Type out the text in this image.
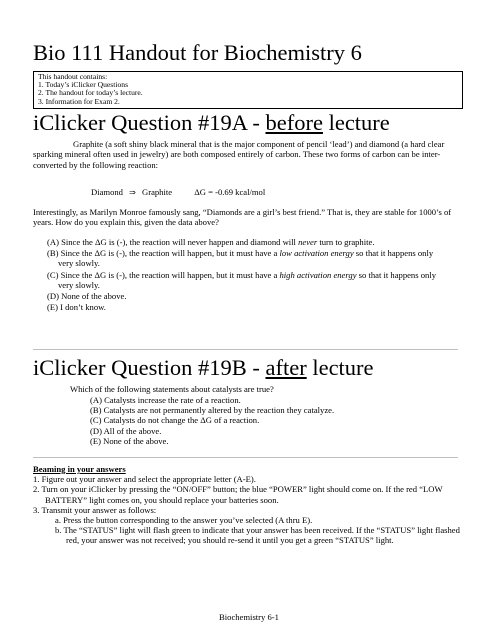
Bio 111 Handout for Biochemistry 6
This handout contains:
1. Today’s iClicker Questions
2. The handout for today’s lecture.
3. Information for Exam 2.
iClicker Question #19A - before lecture
Graphite (a soft shiny black mineral that is the major component of pencil ‘lead’) and diamond (a hard clear sparking mineral often used in jewelry) are both composed entirely of carbon. These two forms of carbon can be inter-converted by the following reaction:
Diamond ⇒ Graphite	ΔG = -0.69 kcal/mol
Interestingly, as Marilyn Monroe famously sang, “Diamonds are a girl’s best friend.” That is, they are stable for 1000’s of years. How do you explain this, given the data above?
(A) Since the ΔG is (-), the reaction will never happen and diamond will never turn to graphite.
(B) Since the ΔG is (-), the reaction will happen, but it must have a low activation energy so that it happens only very slowly.
(C) Since the ΔG is (-), the reaction will happen, but it must have a high activation energy so that it happens only very slowly.
(D) None of the above.
(E) I don’t know.
iClicker Question #19B - after lecture
Which of the following statements about catalysts are true?
(A) Catalysts increase the rate of a reaction.
(B) Catalysts are not permanently altered by the reaction they catalyze.
(C) Catalysts do not change the ΔG of a reaction.
(D) All of the above.
(E) None of the above.
Beaming in your answers
1. Figure out your answer and select the appropriate letter (A-E).
2. Turn on your iClicker by pressing the “ON/OFF” button; the blue “POWER” light should come on. If the red “LOW BATTERY” light comes on, you should replace your batteries soon.
3. Transmit your answer as follows:
a. Press the button corresponding to the answer you’ve selected (A thru E).
b. The “STATUS” light will flash green to indicate that your answer has been received. If the “STATUS” light flashed red, your answer was not received; you should re-send it until you get a green “STATUS” light.
Biochemistry 6-1
